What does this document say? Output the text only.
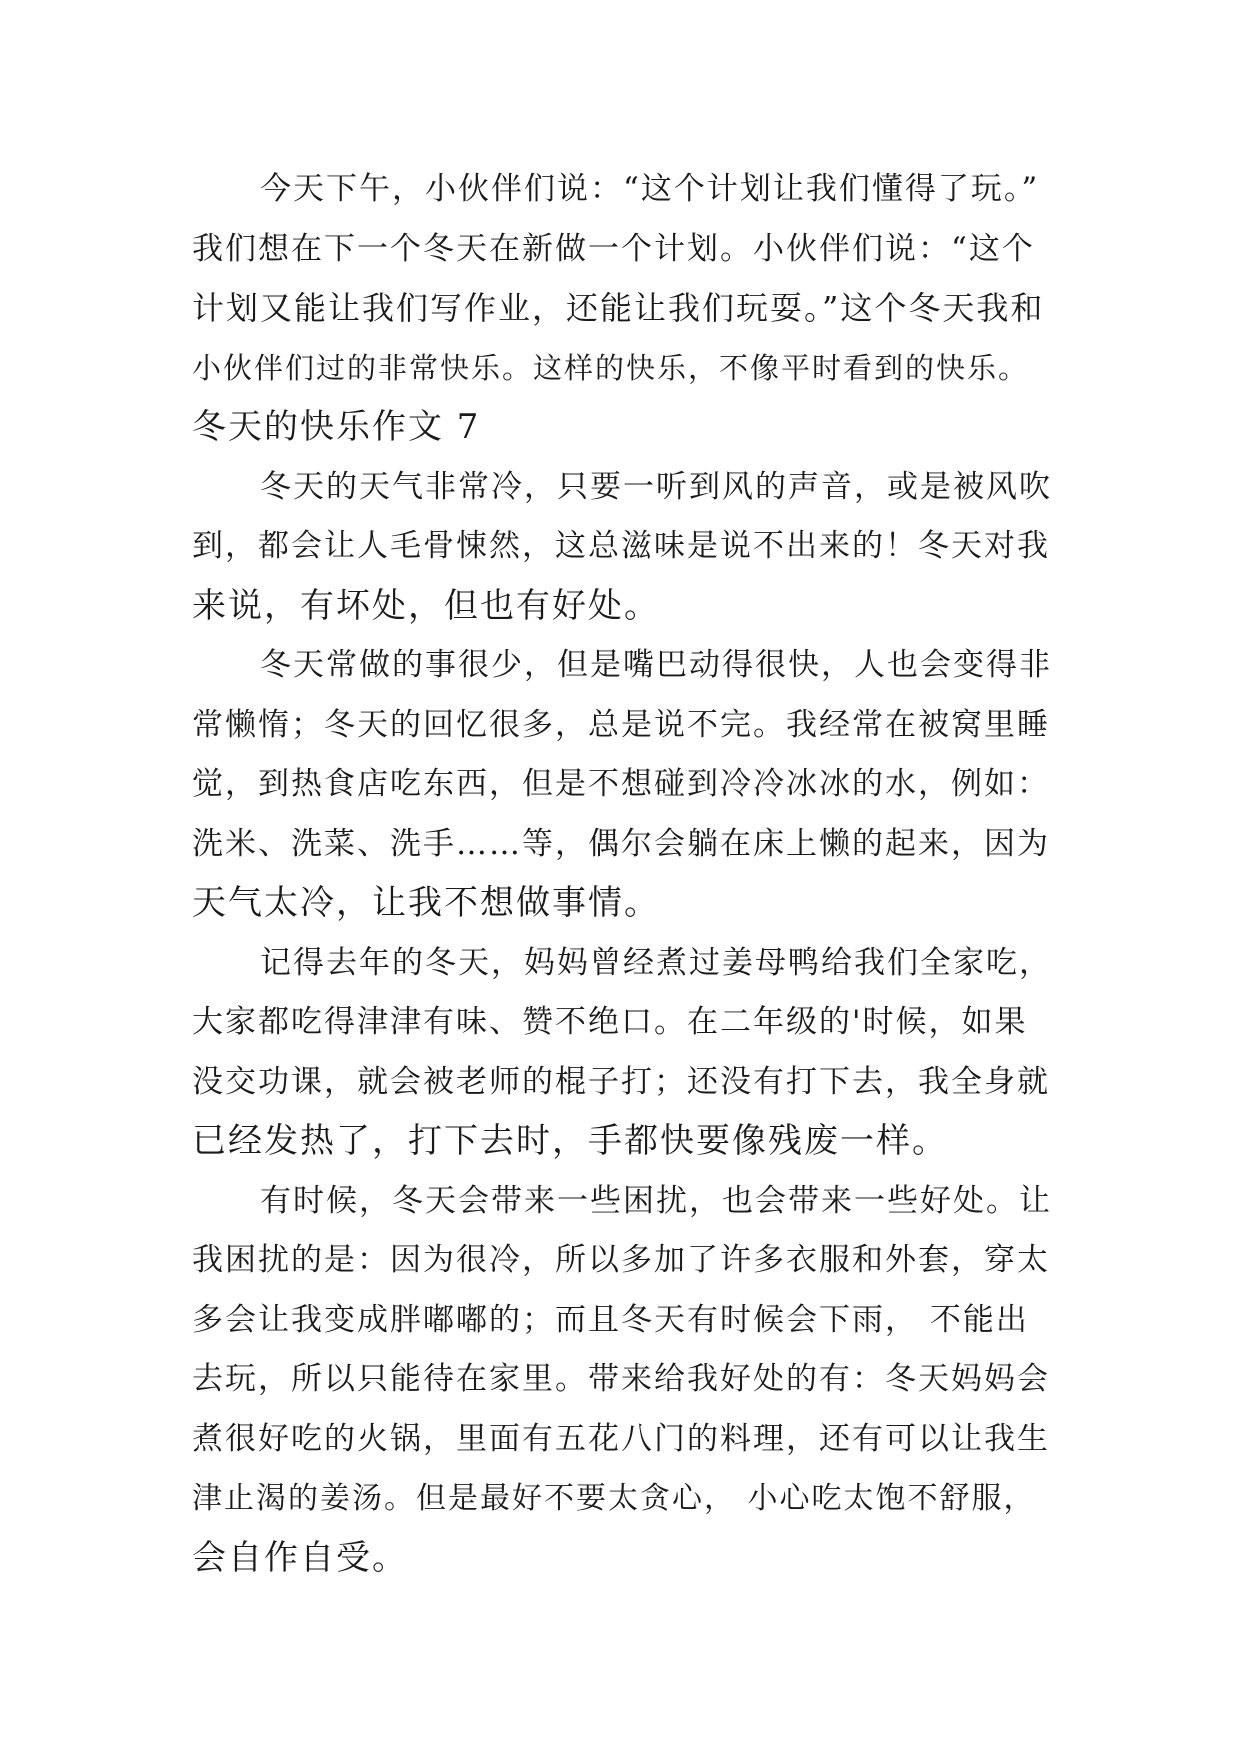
今天下午，小伙伴们说：“这个计划让我们懂得了玩。”
我们想在下一个冬天在新做一个计划。小伙伴们说：“这个
计划又能让我们写作业，还能让我们玩耍。”这个冬天我和
小伙伴们过的非常快乐。这样的快乐，不像平时看到的快乐。
冬天的快乐作文 7
冬天的天气非常冷，只要一听到风的声音，或是被风吹
到，都会让人毛骨悚然，这总滋味是说不出来的！冬天对我
来说，有坏处，但也有好处。
冬天常做的事很少，但是嘴巴动得很快，人也会变得非
常懒惰；冬天的回忆很多，总是说不完。我经常在被窝里睡
觉，到热食店吃东西，但是不想碰到冷冷冰冰的水，例如：
洗米、洗菜、洗手……等，偶尔会躺在床上懒的起来，因为
天气太冷，让我不想做事情。
记得去年的冬天，妈妈曾经煮过姜母鸭给我们全家吃，
大家都吃得津津有味、赞不绝口。在二年级的'时候，如果
没交功课，就会被老师的棍子打；还没有打下去，我全身就
已经发热了，打下去时，手都快要像残废一样。
有时候，冬天会带来一些困扰，也会带来一些好处。让
我困扰的是：因为很冷，所以多加了许多衣服和外套，穿太
多会让我变成胖嘟嘟的；而且冬天有时候会下雨， 不能出
去玩，所以只能待在家里。带来给我好处的有：冬天妈妈会
煮很好吃的火锅，里面有五花八门的料理，还有可以让我生
津止渴的姜汤。但是最好不要太贪心， 小心吃太饱不舒服，
会自作自受。
